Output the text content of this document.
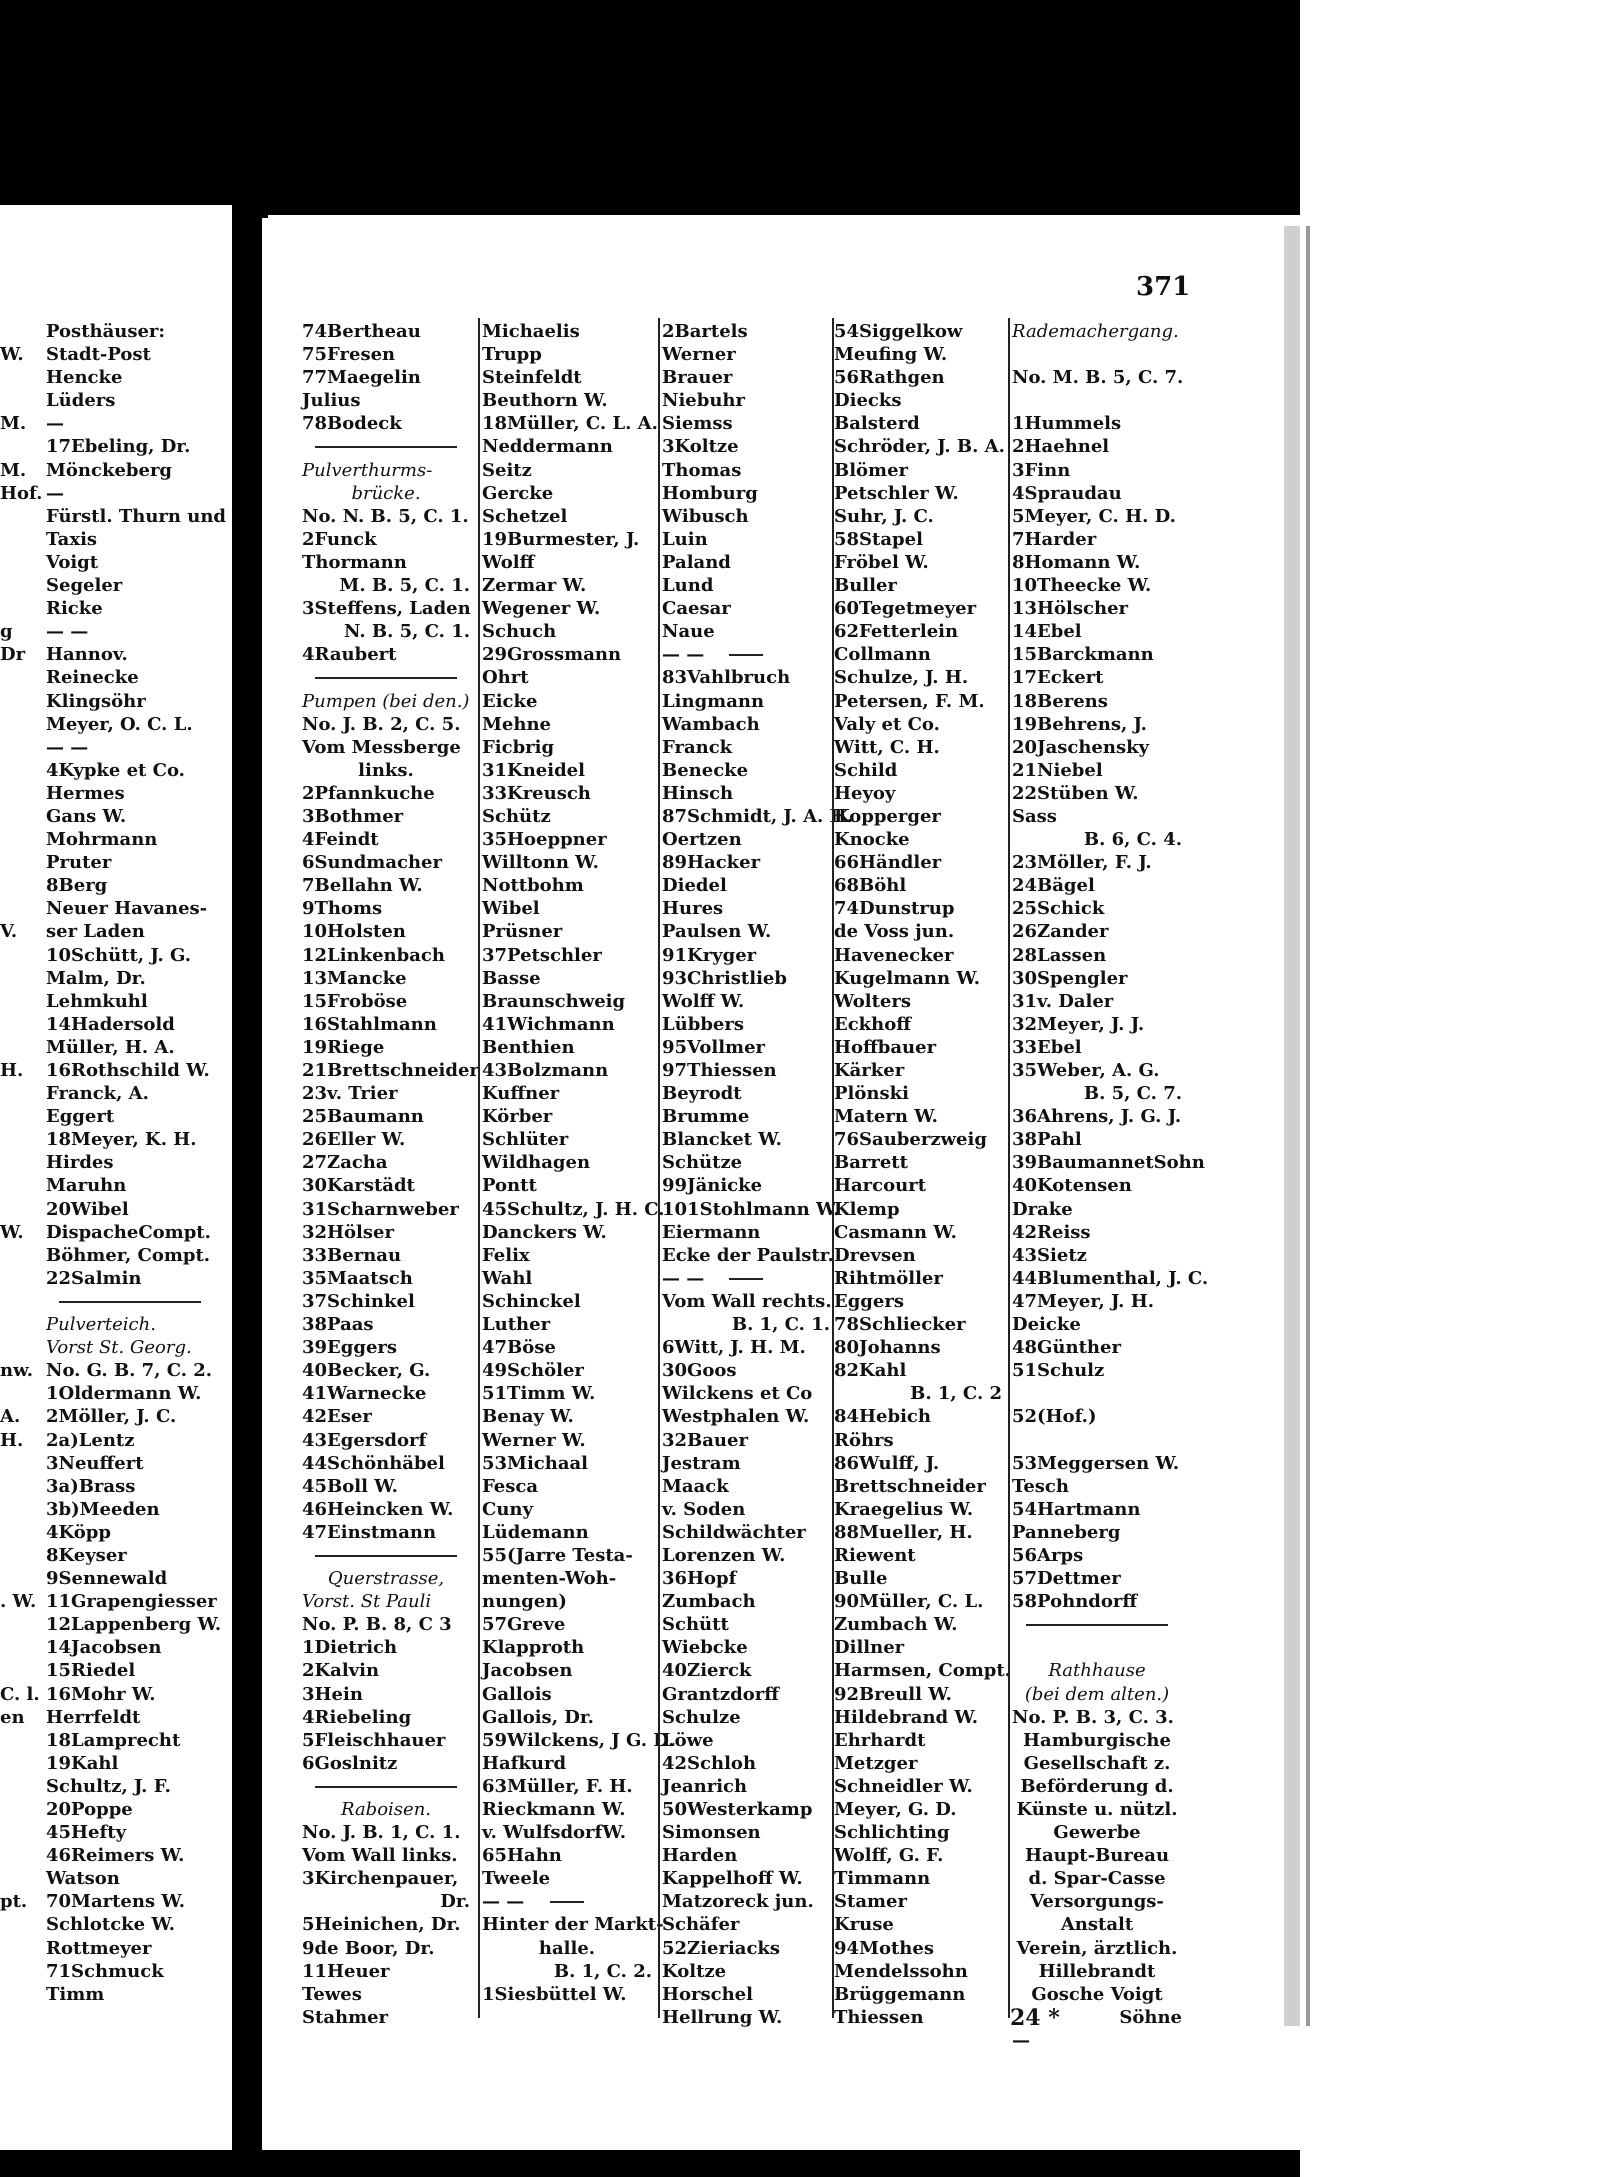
W.
M.
M.
Hof.
g
Dr
V.
H.
W.
nw.
A.
H.
. W.
C. l.
en
pt.
Posthäuser:
Stadt-Post
Hencke
Lüders
—
17Ebeling, Dr.
Mönckeberg
—
Fürstl. Thurn und
Taxis
Voigt
Segeler
Ricke
— —
Hannov.
Reinecke
Klingsöhr
Meyer, O. C. L.
— —
4Kypke et Co.
Hermes
Gans W.
Mohrmann
Pruter
8Berg
Neuer Havanes-
ser Laden
10Schütt, J. G.
Malm, Dr.
Lehmkuhl
14Hadersold
Müller, H. A.
16Rothschild W.
Franck, A.
Eggert
18Meyer, K. H.
Hirdes
Maruhn
20Wibel
DispacheCompt.
Böhmer, Compt.
22Salmin
Pulverteich.
Vorst St. Georg.
No. G. B. 7, C. 2.
1Oldermann W.
2Möller, J. C.
2a)Lentz
3Neuffert
3a)Brass
3b)Meeden
4Köpp
8Keyser
9Sennewald
11Grapengiesser
12Lappenberg W.
14Jacobsen
15Riedel
16Mohr W.
Herrfeldt
18Lamprecht
19Kahl
Schultz, J. F.
20Poppe
45Hefty
46Reimers W.
Watson
70Martens W.
Schlotcke W.
Rottmeyer
71Schmuck
Timm
371
74Bertheau
75Fresen
77Maegelin
Julius
78Bodeck
Pulverthurms-
brücke.
No. N. B. 5, C. 1.
2Funck
Thormann
M. B. 5, C. 1.
3Steffens, Laden
N. B. 5, C. 1.
4Raubert
Pumpen (bei den.)
No. J. B. 2, C. 5.
Vom Messberge
links.
2Pfannkuche
3Bothmer
4Feindt
6Sundmacher
7Bellahn W.
9Thoms
10Holsten
12Linkenbach
13Mancke
15Froböse
16Stahlmann
19Riege
21Brettschneider
23v. Trier
25Baumann
26Eller W.
27Zacha
30Karstädt
31Scharnweber
32Hölser
33Bernau
35Maatsch
37Schinkel
38Paas
39Eggers
40Becker, G.
41Warnecke
42Eser
43Egersdorf
44Schönhäbel
45Boll W.
46Heincken W.
47Einstmann
Querstrasse,
Vorst. St Pauli
No. P. B. 8, C 3
1Dietrich
2Kalvin
3Hein
4Riebeling
5Fleischhauer
6Goslnitz
Raboisen.
No. J. B. 1, C. 1.
Vom Wall links.
3Kirchenpauer,
Dr.
5Heinichen, Dr.
9de Boor, Dr.
11Heuer
Tewes
Stahmer
Michaelis
Trupp
Steinfeldt
Beuthorn W.
18Müller, C. L. A.
Neddermann
Seitz
Gercke
Schetzel
19Burmester, J.
Wolff
Zermar W.
Wegener W.
Schuch
29Grossmann
Ohrt
Eicke
Mehne
Ficbrig
31Kneidel
33Kreusch
Schütz
35Hoeppner
Willtonn W.
Nottbohm
Wibel
Prüsner
37Petschler
Basse
Braunschweig
41Wichmann
Benthien
43Bolzmann
Kuffner
Körber
Schlüter
Wildhagen
Pontt
45Schultz, J. H. C.
Danckers W.
Felix
Wahl
Schinckel
Luther
47Böse
49Schöler
51Timm W.
Benay W.
Werner W.
53Michaal
Fesca
Cuny
Lüdemann
55(Jarre Testa-
menten-Woh-
nungen)
57Greve
Klapproth
Jacobsen
Gallois
Gallois, Dr.
59Wilckens, J G. D.
Hafkurd
63Müller, F. H.
Rieckmann W.
v. WulfsdorfW.
65Hahn
Tweele
— —
Hinter der Markt-
halle.
B. 1, C. 2.
1Siesbüttel W.
2Bartels
Werner
Brauer
Niebuhr
Siemss
3Koltze
Thomas
Homburg
Wibusch
Luin
Paland
Lund
Caesar
Naue
— —
83Vahlbruch
Lingmann
Wambach
Franck
Benecke
Hinsch
87Schmidt, J. A. H.
Oertzen
89Hacker
Diedel
Hures
Paulsen W.
91Kryger
93Christlieb
Wolff W.
Lübbers
95Vollmer
97Thiessen
Beyrodt
Brumme
Blancket W.
Schütze
99Jänicke
101Stohlmann W.
Eiermann
Ecke der Paulstr.
— —
Vom Wall rechts.
B. 1, C. 1.
6Witt, J. H. M.
30Goos
Wilckens et Co
Westphalen W.
32Bauer
Jestram
Maack
v. Soden
Schildwächter
Lorenzen W.
36Hopf
Zumbach
Schütt
Wiebcke
40Zierck
Grantzdorff
Schulze
Löwe
42Schloh
Jeanrich
50Westerkamp
Simonsen
Harden
Kappelhoff W.
Matzoreck jun.
Schäfer
52Zieriacks
Koltze
Horschel
Hellrung W.
54Siggelkow
Meufing W.
56Rathgen
Diecks
Balsterd
Schröder, J. B. A.
Blömer
Petschler W.
Suhr, J. C.
58Stapel
Fröbel W.
Buller
60Tegetmeyer
62Fetterlein
Collmann
Schulze, J. H.
Petersen, F. M.
Valy et Co.
Witt, C. H.
Schild
Heyoy
Kopperger
Knocke
66Händler
68Böhl
74Dunstrup
de Voss jun.
Havenecker
Kugelmann W.
Wolters
Eckhoff
Hoffbauer
Kärker
Plönski
Matern W.
76Sauberzweig
Barrett
Harcourt
Klemp
Casmann W.
Drevsen
Rihtmöller
Eggers
78Schliecker
80Johanns
82Kahl
B. 1, C. 2
84Hebich
Röhrs
86Wulff, J.
Brettschneider
Kraegelius W.
88Mueller, H.
Riewent
Bulle
90Müller, C. L.
Zumbach W.
Dillner
Harmsen, Compt.
92Breull W.
Hildebrand W.
Ehrhardt
Metzger
Schneidler W.
Meyer, G. D.
Schlichting
Wolff, G. F.
Timmann
Stamer
Kruse
94Mothes
Mendelssohn
Brüggemann
Thiessen
Rademachergang.
No. M. B. 5, C. 7.
1Hummels
2Haehnel
3Finn
4Spraudau
5Meyer, C. H. D.
7Harder
8Homann W.
10Theecke W.
13Hölscher
14Ebel
15Barckmann
17Eckert
18Berens
19Behrens, J.
20Jaschensky
21Niebel
22Stüben W.
Sass
B. 6, C. 4.
23Möller, F. J.
24Bägel
25Schick
26Zander
28Lassen
30Spengler
31v. Daler
32Meyer, J. J.
33Ebel
35Weber, A. G.
B. 5, C. 7.
36Ahrens, J. G. J.
38Pahl
39BaumannetSohn
40Kotensen
Drake
42Reiss
43Sietz
44Blumenthal, J. C.
47Meyer, J. H.
Deicke
48Günther
51Schulz
52(Hof.)
53Meggersen W.
Tesch
54Hartmann
Panneberg
56Arps
57Dettmer
58Pohndorff
Rathhause
(bei dem alten.)
No. P. B. 3, C. 3.
Hamburgische
Gesellschaft z.
Beförderung d.
Künste u. nützl.
Gewerbe
Haupt-Bureau
d. Spar-Casse
Versorgungs-
Anstalt
Verein, ärztlich.
Hillebrandt
Gosche Voigt
Söhne
—
24 *
